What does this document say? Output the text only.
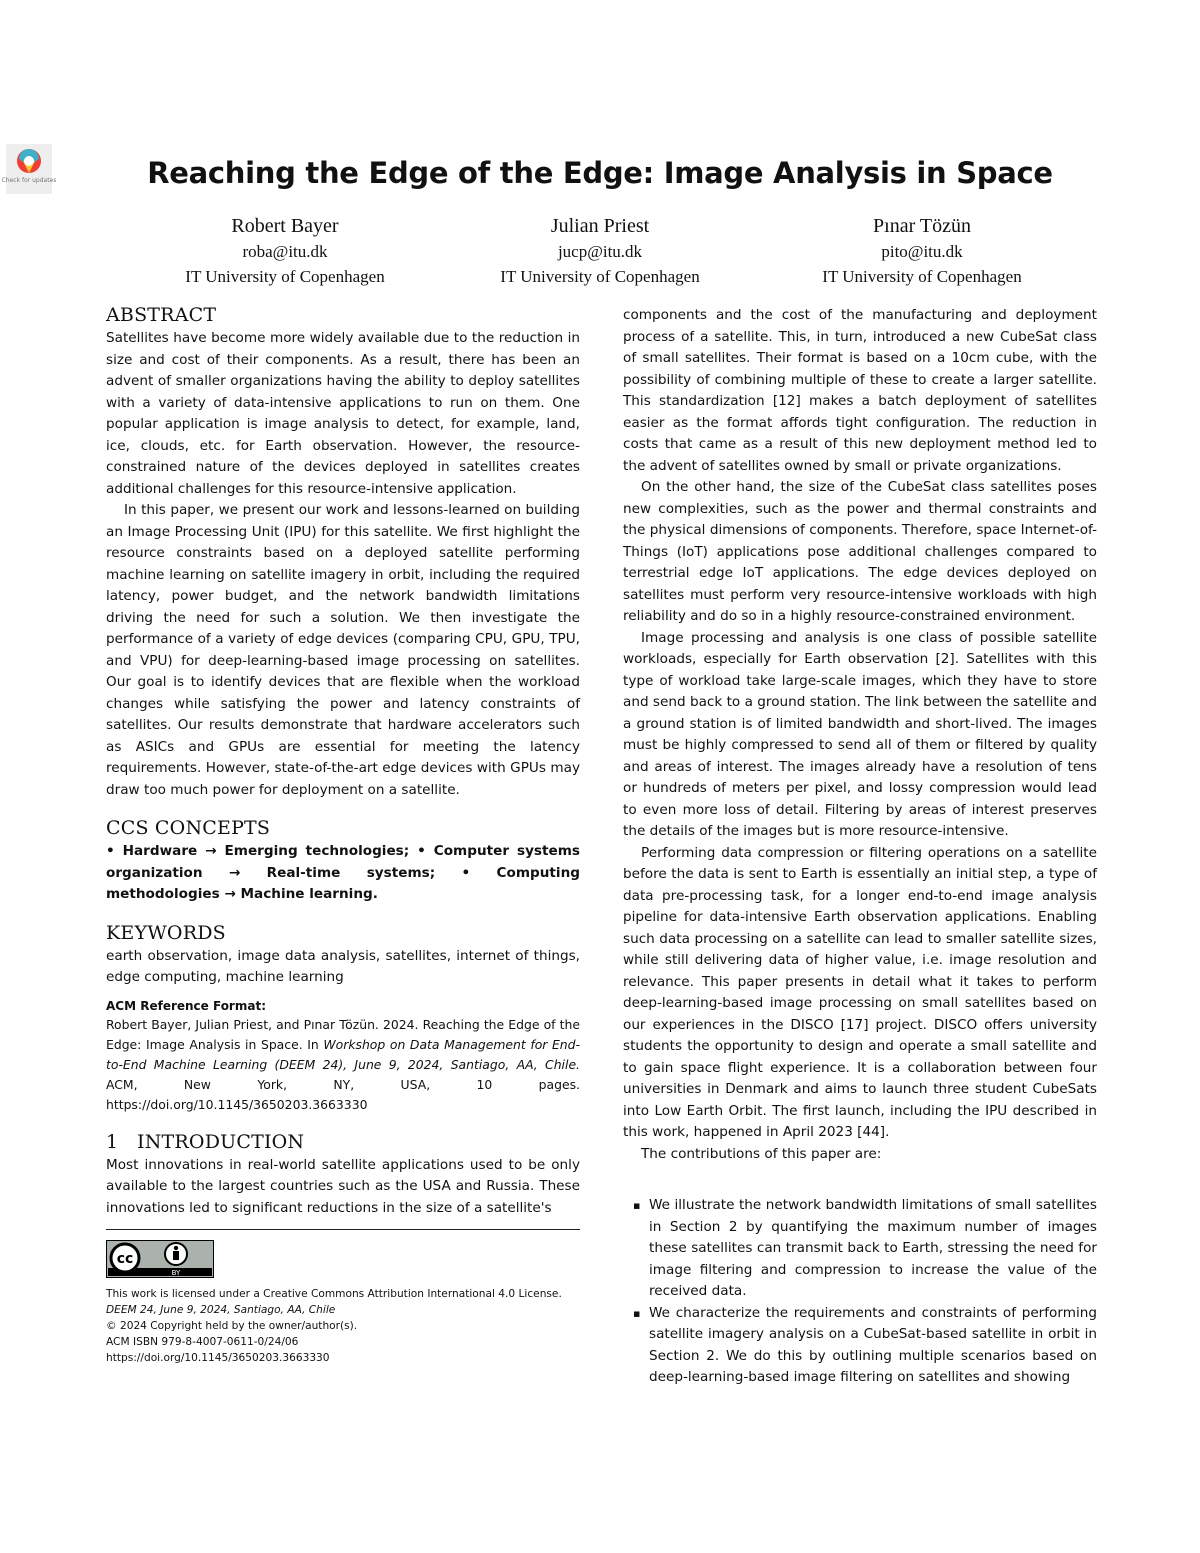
Check for updates	Reaching the Edge of the Edge: Image Analysis in Space
Robert Bayer
roba@itu.dk
IT University of Copenhagen
Julian Priest
jucp@itu.dk
IT University of Copenhagen
Pınar Tözün
pito@itu.dk
IT University of Copenhagen
ABSTRACT

Satellites have become more widely available due to the reduction in size and cost of their components. As a result, there has been an advent of smaller organizations having the ability to deploy satellites with a variety of data-intensive applications to run on them. One popular application is image analysis to detect, for example, land, ice, clouds, etc. for Earth observation. However, the resource-constrained nature of the devices deployed in satellites creates additional challenges for this resource-intensive application.

In this paper, we present our work and lessons-learned on building an Image Processing Unit (IPU) for this satellite. We first highlight the resource constraints based on a deployed satellite performing machine learning on satellite imagery in orbit, including the required latency, power budget, and the network bandwidth limitations driving the need for such a solution. We then investigate the performance of a variety of edge devices (comparing CPU, GPU, TPU, and VPU) for deep-learning-based image processing on satellites. Our goal is to identify devices that are flexible when the workload changes while satisfying the power and latency constraints of satellites. Our results demonstrate that hardware accelerators such as ASICs and GPUs are essential for meeting the latency requirements. However, state-of-the-art edge devices with GPUs may draw too much power for deployment on a satellite.

CCS CONCEPTS

• Hardware → Emerging technologies; • Computer systems organization → Real-time systems; • Computing methodologies → Machine learning.

KEYWORDS

earth observation, image data analysis, satellites, internet of things, edge computing, machine learning

ACM Reference Format:

Robert Bayer, Julian Priest, and Pınar Tözün. 2024. Reaching the Edge of the Edge: Image Analysis in Space. In Workshop on Data Management for End-to-End Machine Learning (DEEM 24), June 9, 2024, Santiago, AA, Chile. ACM, New York, NY, USA, 10 pages. https://doi.org/10.1145/3650203.3663330

1   INTRODUCTION

Most innovations in real-world satellite applications used to be only available to the largest countries such as the USA and Russia. These innovations led to significant reductions in the size of a satellite's

cc
BY
This work is licensed under a Creative Commons Attribution International 4.0 License.
DEEM 24, June 9, 2024, Santiago, AA, Chile
© 2024 Copyright held by the owner/author(s).
ACM ISBN 979-8-4007-0611-0/24/06
https://doi.org/10.1145/3650203.3663330

components and the cost of the manufacturing and deployment process of a satellite. This, in turn, introduced a new CubeSat class of small satellites. Their format is based on a 10cm cube, with the possibility of combining multiple of these to create a larger satellite. This standardization [12] makes a batch deployment of satellites easier as the format affords tight configuration. The reduction in costs that came as a result of this new deployment method led to the advent of satellites owned by small or private organizations.

On the other hand, the size of the CubeSat class satellites poses new complexities, such as the power and thermal constraints and the physical dimensions of components. Therefore, space Internet-of-Things (IoT) applications pose additional challenges compared to terrestrial edge IoT applications. The edge devices deployed on satellites must perform very resource-intensive workloads with high reliability and do so in a highly resource-constrained environment.

Image processing and analysis is one class of possible satellite workloads, especially for Earth observation [2]. Satellites with this type of workload take large-scale images, which they have to store and send back to a ground station. The link between the satellite and a ground station is of limited bandwidth and short-lived. The images must be highly compressed to send all of them or filtered by quality and areas of interest. The images already have a resolution of tens or hundreds of meters per pixel, and lossy compression would lead to even more loss of detail. Filtering by areas of interest preserves the details of the images but is more resource-intensive.

Performing data compression or filtering operations on a satellite before the data is sent to Earth is essentially an initial step, a type of data pre-processing task, for a longer end-to-end image analysis pipeline for data-intensive Earth observation applications. Enabling such data processing on a satellite can lead to smaller satellite sizes, while still delivering data of higher value, i.e. image resolution and relevance. This paper presents in detail what it takes to perform deep-learning-based image processing on small satellites based on our experiences in the DISCO [17] project. DISCO offers university students the opportunity to design and operate a small satellite and to gain space flight experience. It is a collaboration between four universities in Denmark and aims to launch three student CubeSats into Low Earth Orbit. The first launch, including the IPU described in this work, happened in April 2023 [44].

The contributions of this paper are:

▪ We illustrate the network bandwidth limitations of small satellites in Section 2 by quantifying the maximum number of images these satellites can transmit back to Earth, stressing the need for image filtering and compression to increase the value of the received data.
▪ We characterize the requirements and constraints of performing satellite imagery analysis on a CubeSat-based satellite in orbit in Section 2. We do this by outlining multiple scenarios based on deep-learning-based image filtering on satellites and showing
